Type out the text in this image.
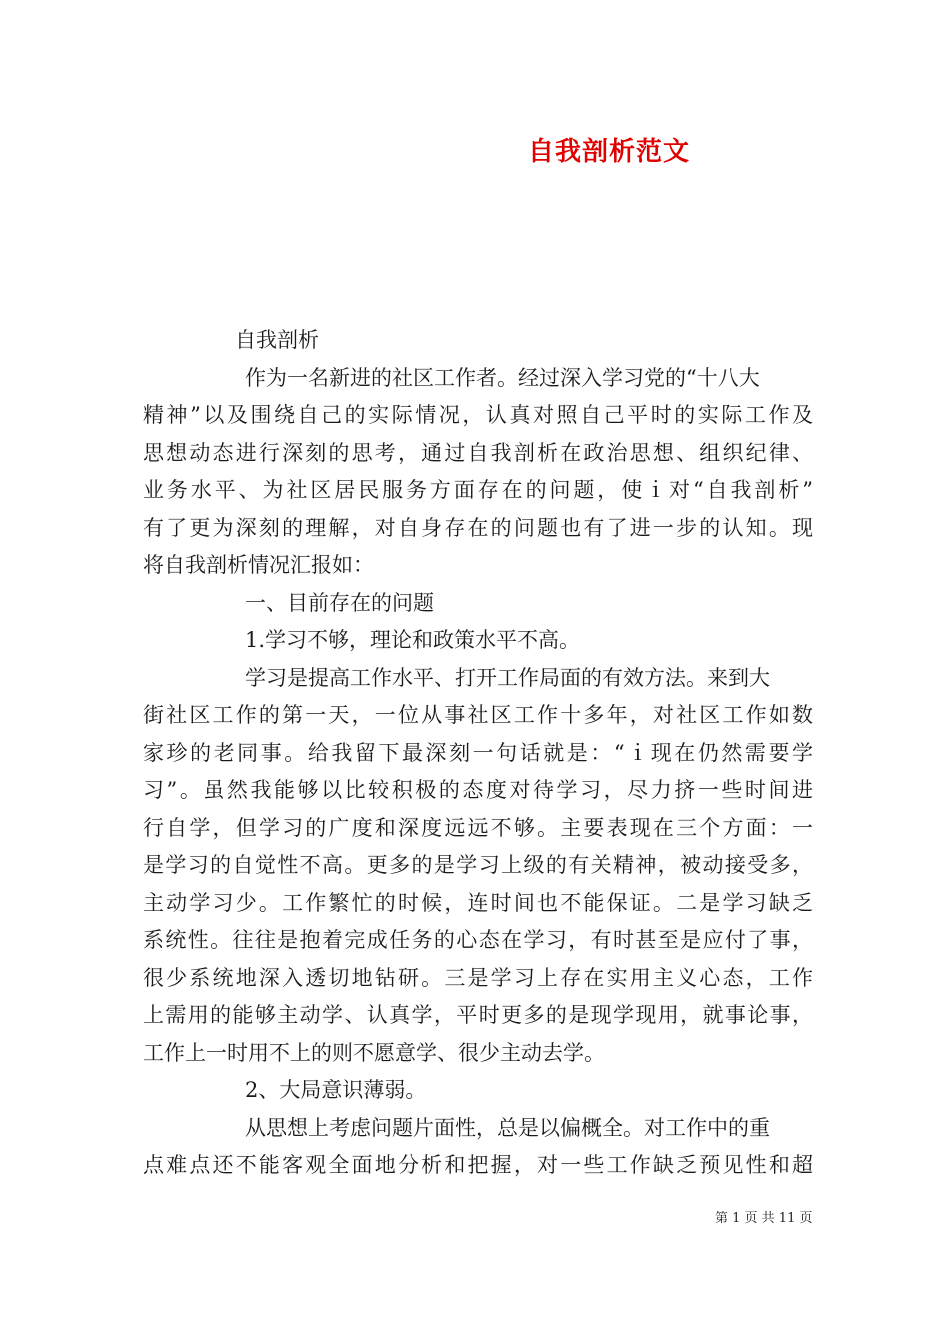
自我剖析范文
自我剖析
作为一名新进的社区工作者。经过深入学习党的“十八大
精神”以及围绕自己的实际情况，认真对照自己平时的实际工作及
思想动态进行深刻的思考，通过自我剖析在政治思想、组织纪律、
业务水平、为社区居民服务方面存在的问题，使ｉ对“自我剖析”
有了更为深刻的理解，对自身存在的问题也有了进一步的认知。现
将自我剖析情况汇报如：
一、目前存在的问题
1.学习不够，理论和政策水平不高。
学习是提高工作水平、打开工作局面的有效方法。来到大
街社区工作的第一天，一位从事社区工作十多年，对社区工作如数
家珍的老同事。给我留下最深刻一句话就是：“ｉ现在仍然需要学
习”。虽然我能够以比较积极的态度对待学习，尽力挤一些时间进
行自学，但学习的广度和深度远远不够。主要表现在三个方面：一
是学习的自觉性不高。更多的是学习上级的有关精神，被动接受多，
主动学习少。工作繁忙的时候，连时间也不能保证。二是学习缺乏
系统性。往往是抱着完成任务的心态在学习，有时甚至是应付了事，
很少系统地深入透切地钻研。三是学习上存在实用主义心态，工作
上需用的能够主动学、认真学，平时更多的是现学现用，就事论事，
工作上一时用不上的则不愿意学、很少主动去学。
2、大局意识薄弱。
从思想上考虑问题片面性，总是以偏概全。对工作中的重
点难点还不能客观全面地分析和把握，对一些工作缺乏预见性和超
第 1 页 共 11 页
